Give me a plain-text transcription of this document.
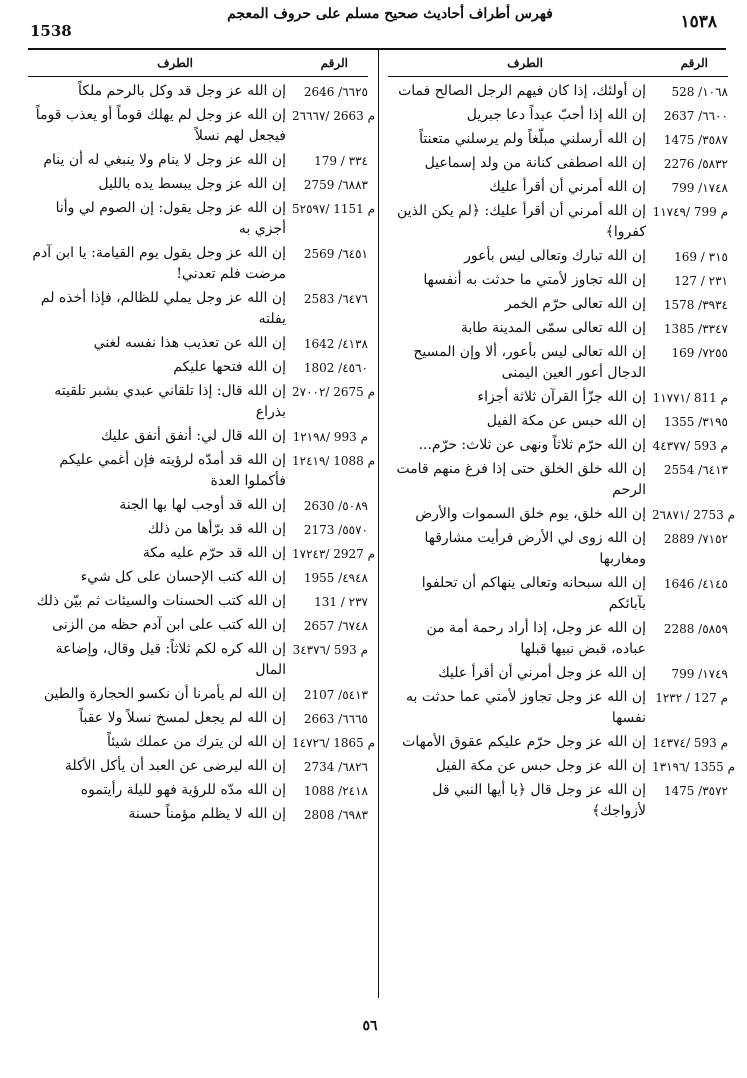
1538
فهرس أطراف أحاديث صحيح مسلم على حروف المعجم	١٥٣٨
الرقم
الطرف
528 /١٠٦٨
إن أولئك، إذا كان فيهم الرجل الصالح فمات
2637 /٦٦٠٠
إن الله إذا أحبّ عبداً دعا جبريل
1475 /٣٥٨٧
إن الله أرسلني مبلّغاً ولم يرسلني متعنتاً
2276 /٥٨٣٢
إن الله اصطفى كنانة من ولد إسماعيل
799 /١٧٤٨
إن الله أمرني أن أقرأ عليك
1م 799 /١٧٤٩
إن الله أمرني أن أقرأ عليك: ﴿لم يكن الذين كفروا﴾
169 / ٣١٥
إن الله تبارك وتعالى ليس بأعور
127 / ٢٣١
إن الله تجاوز لأمتي ما حدثت به أنفسها
1578 /٣٩٣٤
إن الله تعالى حرّم الخمر
1385 /٣٣٤٧
إن الله تعالى سمّى المدينة طابة
169 /٧٢٥٥
إن الله تعالى ليس بأعور، ألا وإن المسيح الدجال أعور العين اليمنى
1م 811 /١٧٧١
إن الله جزّأ القرآن ثلاثة أجزاء
1355 /٣١٩٥
إن الله حبس عن مكة الفيل
4م 593 /٤٣٧٧
إن الله حرّم ثلاثاً ونهى عن ثلاث: حرّم...
2554 /٦٤١٣
إن الله خلق الخلق حتى إذا فرغ منهم قامت الرحم
2م 2753 /٦٨٧١
إن الله خلق، يوم خلق السموات والأرض
2889 /٧١٥٢
إن الله زوى لي الأرض فرأيت مشارقها ومغاربها
1646 /٤١٤٥
إن الله سبحانه وتعالى ينهاكم أن تحلفوا بآبائكم
2288 /٥٨٥٩
إن الله عز وجل، إذا أراد رحمة أمة من عباده، قبض نبيها قبلها
799 /١٧٤٩
إن الله عز وجل أمرني أن أقرأ عليك
1م 127 / ٢٣٢
إن الله عز وجل تجاوز لأمتي عما حدثت به نفسها
1م 593 /٤٣٧٤
إن الله عز وجل حرّم عليكم عقوق الأمهات
1م 1355 /٣١٩٦
إن الله عز وجل حبس عن مكة الفيل
1475 /٣٥٧٢
إن الله عز وجل قال ﴿يا أيها النبي قل لأزواجك﴾
الرقم
الطرف
2646 /٦٦٢٥
إن الله عز وجل قد وكل بالرحم ملكاً
2م 2663 /٦٦٦٧
إن الله عز وجل لم يهلك قوماً أو يعذب قوماً فيجعل لهم نسلاً
179 / ٣٣٤
إن الله عز وجل لا ينام ولا ينبغي له أن ينام
2759 /٦٨٨٣
إن الله عز وجل يبسط يده بالليل
5م 1151 /٢٥٩٧
إن الله عز وجل يقول: إن الصوم لي وأنا أجزي به
2569 /٦٤٥١
إن الله عز وجل يقول يوم القيامة: يا ابن آدم مرضت فلم تعدني!
2583 /٦٤٧٦
إن الله عز وجل يملي للظالم، فإذا أخذه لم يفلته
1642 /٤١٣٨
إن الله عن تعذيب هذا نفسه لغني
1802 /٤٥٦٠
إن الله فتحها عليكم
2م 2675 /٧٠٠٢
إن الله قال: إذا تلقاني عبدي بشبر تلقيته بذراع
1م 993 /٢١٩٨
إن الله قال لي: أنفق أنفق عليك
1م 1088 /٢٤١٩
إن الله قد أمدّه لرؤيته فإن أغمي عليكم فأكملوا العدة
2630 /٥٠٨٩
إن الله قد أوجب لها بها الجنة
2173 /٥٥٧٠
إن الله قد برّأها من ذلك
1م 2927 /٧٢٤٣
إن الله قد حرّم عليه مكة
1955 /٤٩٤٨
إن الله كتب الإحسان على كل شيء
131 / ٢٣٧
إن الله كتب الحسنات والسيئات ثم بيّن ذلك
2657 /٦٧٤٨
إن الله كتب على ابن آدم حظه من الزنى
3م 593 /٤٣٧٦
إن الله كره لكم ثلاثاً: قيل وقال، وإضاعة المال
2107 /٥٤١٣
إن الله لم يأمرنا أن نكسو الحجارة والطين
2663 /٦٦٦٥
إن الله لم يجعل لمسخ نسلاً ولا عقباً
1م 1865 /٤٧٢٦
إن الله لن يترك من عملك شيئاً
2734 /٦٨٢٦
إن الله ليرضى عن العبد أن يأكل الأكلة
1088 /٢٤١٨
إن الله مدّه للرؤية فهو لليلة رأيتموه
2808 /٦٩٨٣
إن الله لا يظلم مؤمناً حسنة
٥٦
